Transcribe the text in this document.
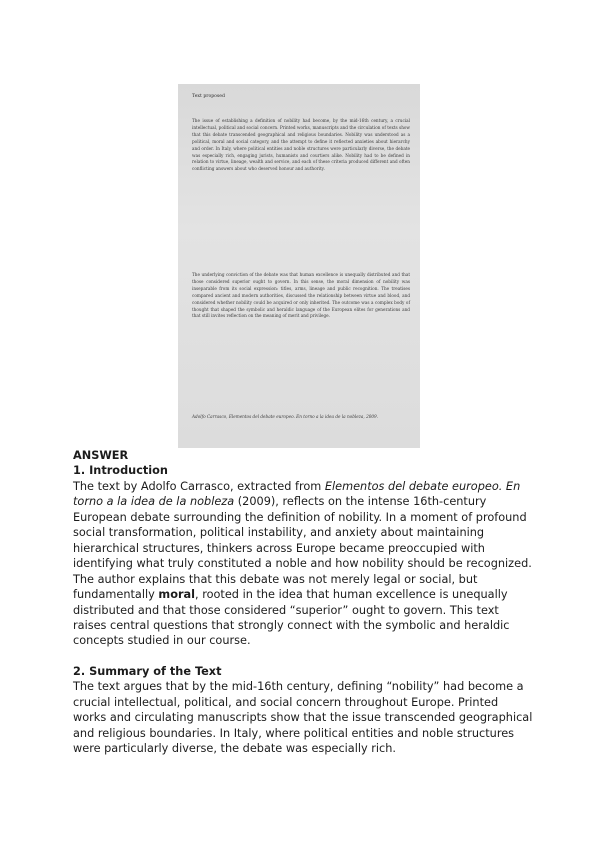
Text proposed
The issue of establishing a definition of nobility had become, by the mid-16th century, a crucial intellectual, political and social concern. Printed works, manuscripts and the circulation of texts show that this debate transcended geographical and religious boundaries. Nobility was understood as a political, moral and social category, and the attempt to define it reflected anxieties about hierarchy and order. In Italy, where political entities and noble structures were particularly diverse, the debate was especially rich, engaging jurists, humanists and courtiers alike. Nobility had to be defined in relation to virtue, lineage, wealth and service, and each of these criteria produced different and often conflicting answers about who deserved honour and authority.
The underlying conviction of the debate was that human excellence is unequally distributed and that those considered superior ought to govern. In this sense, the moral dimension of nobility was inseparable from its social expression: titles, arms, lineage and public recognition. The treatises compared ancient and modern authorities, discussed the relationship between virtue and blood, and considered whether nobility could be acquired or only inherited. The outcome was a complex body of thought that shaped the symbolic and heraldic language of the European elites for generations and that still invites reflection on the meaning of merit and privilege.
Adolfo Carrasco, Elementos del debate europeo. En torno a la idea de la nobleza, 2009.

ANSWER

1. Introduction

The text by Adolfo Carrasco, extracted from Elementos del debate europeo. En torno a la idea de la nobleza (2009), reflects on the intense 16th-century European debate surrounding the definition of nobility. In a moment of profound social transformation, political instability, and anxiety about maintaining hierarchical structures, thinkers across Europe became preoccupied with identifying what truly constituted a noble and how nobility should be recognized. The author explains that this debate was not merely legal or social, but fundamentally moral, rooted in the idea that human excellence is unequally distributed and that those considered “superior” ought to govern. This text raises central questions that strongly connect with the symbolic and heraldic concepts studied in our course.

2. Summary of the Text

The text argues that by the mid-16th century, defining “nobility” had become a crucial intellectual, political, and social concern throughout Europe. Printed works and circulating manuscripts show that the issue transcended geographical and religious boundaries. In Italy, where political entities and noble structures were particularly diverse, the debate was especially rich.
